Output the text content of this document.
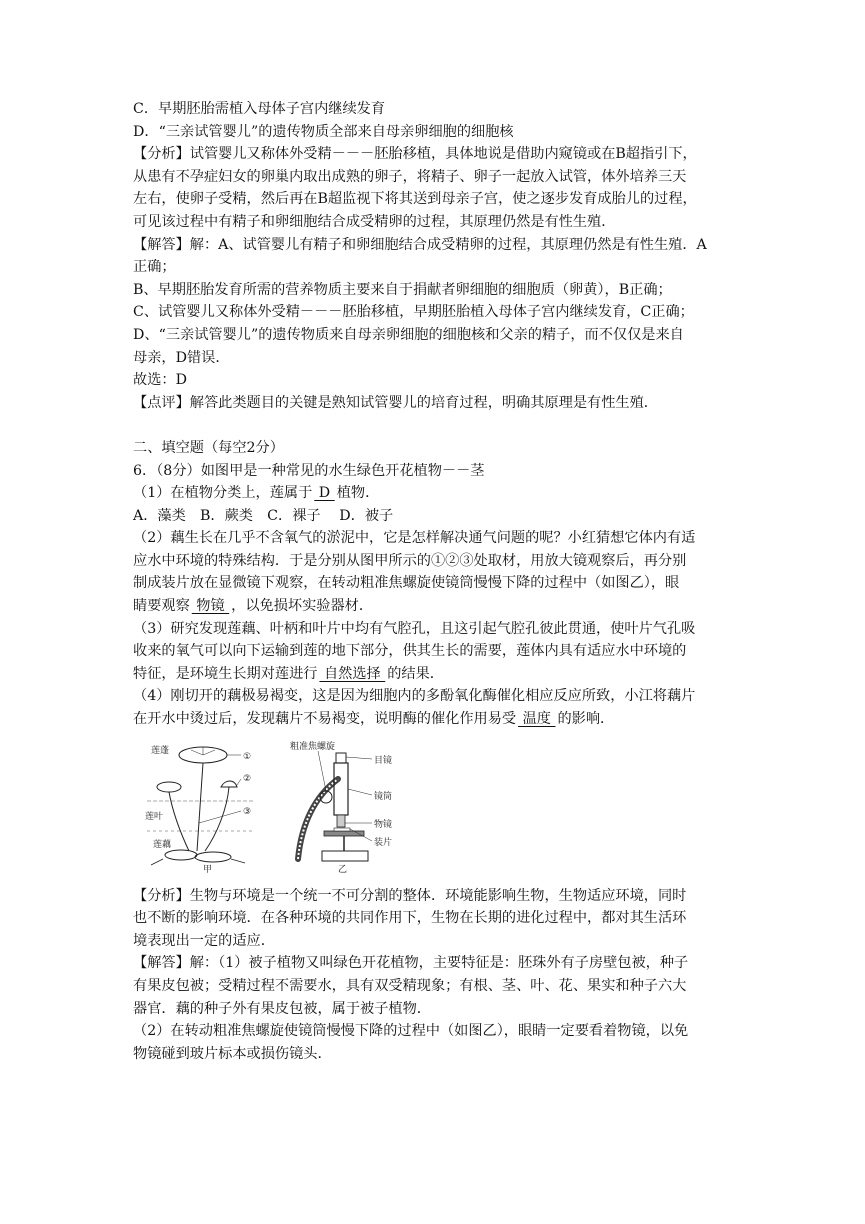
C．早期胚胎需植入母体子宫内继续发育
D．“三亲试管婴儿”的遗传物质全部来自母亲卵细胞的细胞核
【分析】试管婴儿又称体外受精－－－胚胎移植，具体地说是借助内窥镜或在B超指引下，
从患有不孕症妇女的卵巢内取出成熟的卵子，将精子、卵子一起放入试管，体外培养三天
左右，使卵子受精，然后再在B超监视下将其送到母亲子宫，使之逐步发育成胎儿的过程，
可见该过程中有精子和卵细胞结合成受精卵的过程，其原理仍然是有性生殖．
【解答】解：A、试管婴儿有精子和卵细胞结合成受精卵的过程，其原理仍然是有性生殖．A
正确；
B、早期胚胎发育所需的营养物质主要来自于捐献者卵细胞的细胞质（卵黄），B正确；
C、试管婴儿又称体外受精－－－胚胎移植，早期胚胎植入母体子宫内继续发育，C正确；
D、“三亲试管婴儿”的遗传物质来自母亲卵细胞的细胞核和父亲的精子，而不仅仅是来自
母亲，D错误．
故选：D
【点评】解答此类题目的关键是熟知试管婴儿的培育过程，明确其原理是有性生殖．
二、填空题（每空2分）
6．（8分）如图甲是一种常见的水生绿色开花植物－－茎
（1）在植物分类上，莲属于 D 植物．
A．藻类　B．蕨类　C．裸子　 D．被子
（2）藕生长在几乎不含氧气的淤泥中，它是怎样解决通气问题的呢？小红猜想它体内有适
应水中环境的特殊结构．于是分别从图甲所示的①②③处取材，用放大镜观察后，再分别
制成装片放在显微镜下观察，在转动粗准焦螺旋使镜筒慢慢下降的过程中（如图乙），眼
睛要观察 物镜 ，以免损坏实验器材．
（3）研究发现莲藕、叶柄和叶片中均有气腔孔，且这引起气腔孔彼此贯通，使叶片气孔吸
收来的氧气可以向下运输到莲的地下部分，供其生长的需要，莲体内具有适应水中环境的
特征，是环境生长期对莲进行 自然选择 的结果．
（4）刚切开的藕极易褐变，这是因为细胞内的多酚氧化酶催化相应反应所致，小江将藕片
在开水中烫过后，发现藕片不易褐变，说明酶的催化作用易受 温度 的影响．
莲蓬
莲叶
莲藕
①
②
③
甲
粗准焦螺旋
目镜
镜筒
物镜
装片
乙
【分析】生物与环境是一个统一不可分割的整体．环境能影响生物，生物适应环境，同时
也不断的影响环境．在各种环境的共同作用下，生物在长期的进化过程中，都对其生活环
境表现出一定的适应．
【解答】解：（1）被子植物又叫绿色开花植物，主要特征是：胚珠外有子房壁包被，种子
有果皮包被；受精过程不需要水，具有双受精现象；有根、茎、叶、花、果实和种子六大
器官．藕的种子外有果皮包被，属于被子植物．
（2）在转动粗准焦螺旋使镜筒慢慢下降的过程中（如图乙），眼睛一定要看着物镜，以免
物镜碰到玻片标本或损伤镜头．
